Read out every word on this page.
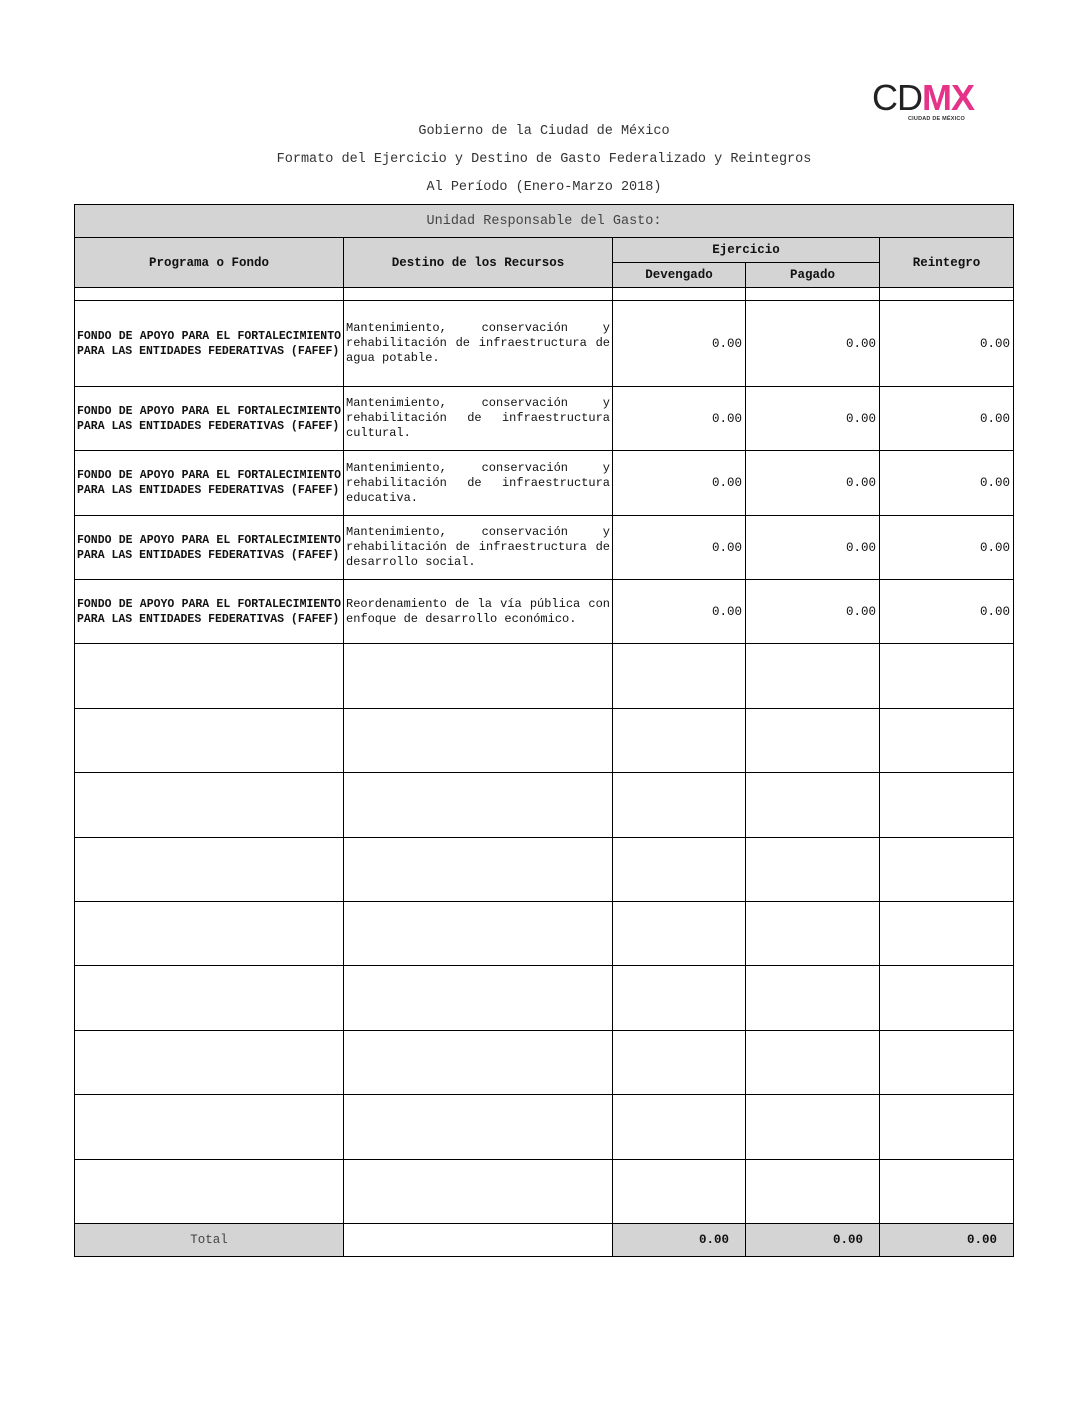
CDMX
CIUDAD DE MÉXICO
Gobierno de la Ciudad de México
Formato del Ejercicio y Destino de Gasto Federalizado y Reintegros
Al Período (Enero-Marzo 2018)
Unidad Responsable del Gasto:				
Programa o Fondo	Destino de los Recursos	Ejercicio		Reintegro
		Devengado	Pagado	

FONDO DE APOYO PARA EL FORTALECIMIENTO PARA LAS ENTIDADES FEDERATIVAS (FAFEF)	Mantenimiento, conservación y rehabilitación de infraestructura de agua potable.	0.00	0.00	0.00
FONDO DE APOYO PARA EL FORTALECIMIENTO PARA LAS ENTIDADES FEDERATIVAS (FAFEF)	Mantenimiento, conservación y rehabilitación de infraestructura cultural.	0.00	0.00	0.00
FONDO DE APOYO PARA EL FORTALECIMIENTO PARA LAS ENTIDADES FEDERATIVAS (FAFEF)	Mantenimiento, conservación y rehabilitación de infraestructura educativa.	0.00	0.00	0.00
FONDO DE APOYO PARA EL FORTALECIMIENTO PARA LAS ENTIDADES FEDERATIVAS (FAFEF)	Mantenimiento, conservación y rehabilitación de infraestructura de desarrollo social.	0.00	0.00	0.00
FONDO DE APOYO PARA EL FORTALECIMIENTO PARA LAS ENTIDADES FEDERATIVAS (FAFEF)	Reordenamiento de la vía pública con enfoque de desarrollo económico.	0.00	0.00	0.00

Total		0.00	0.00	0.00
